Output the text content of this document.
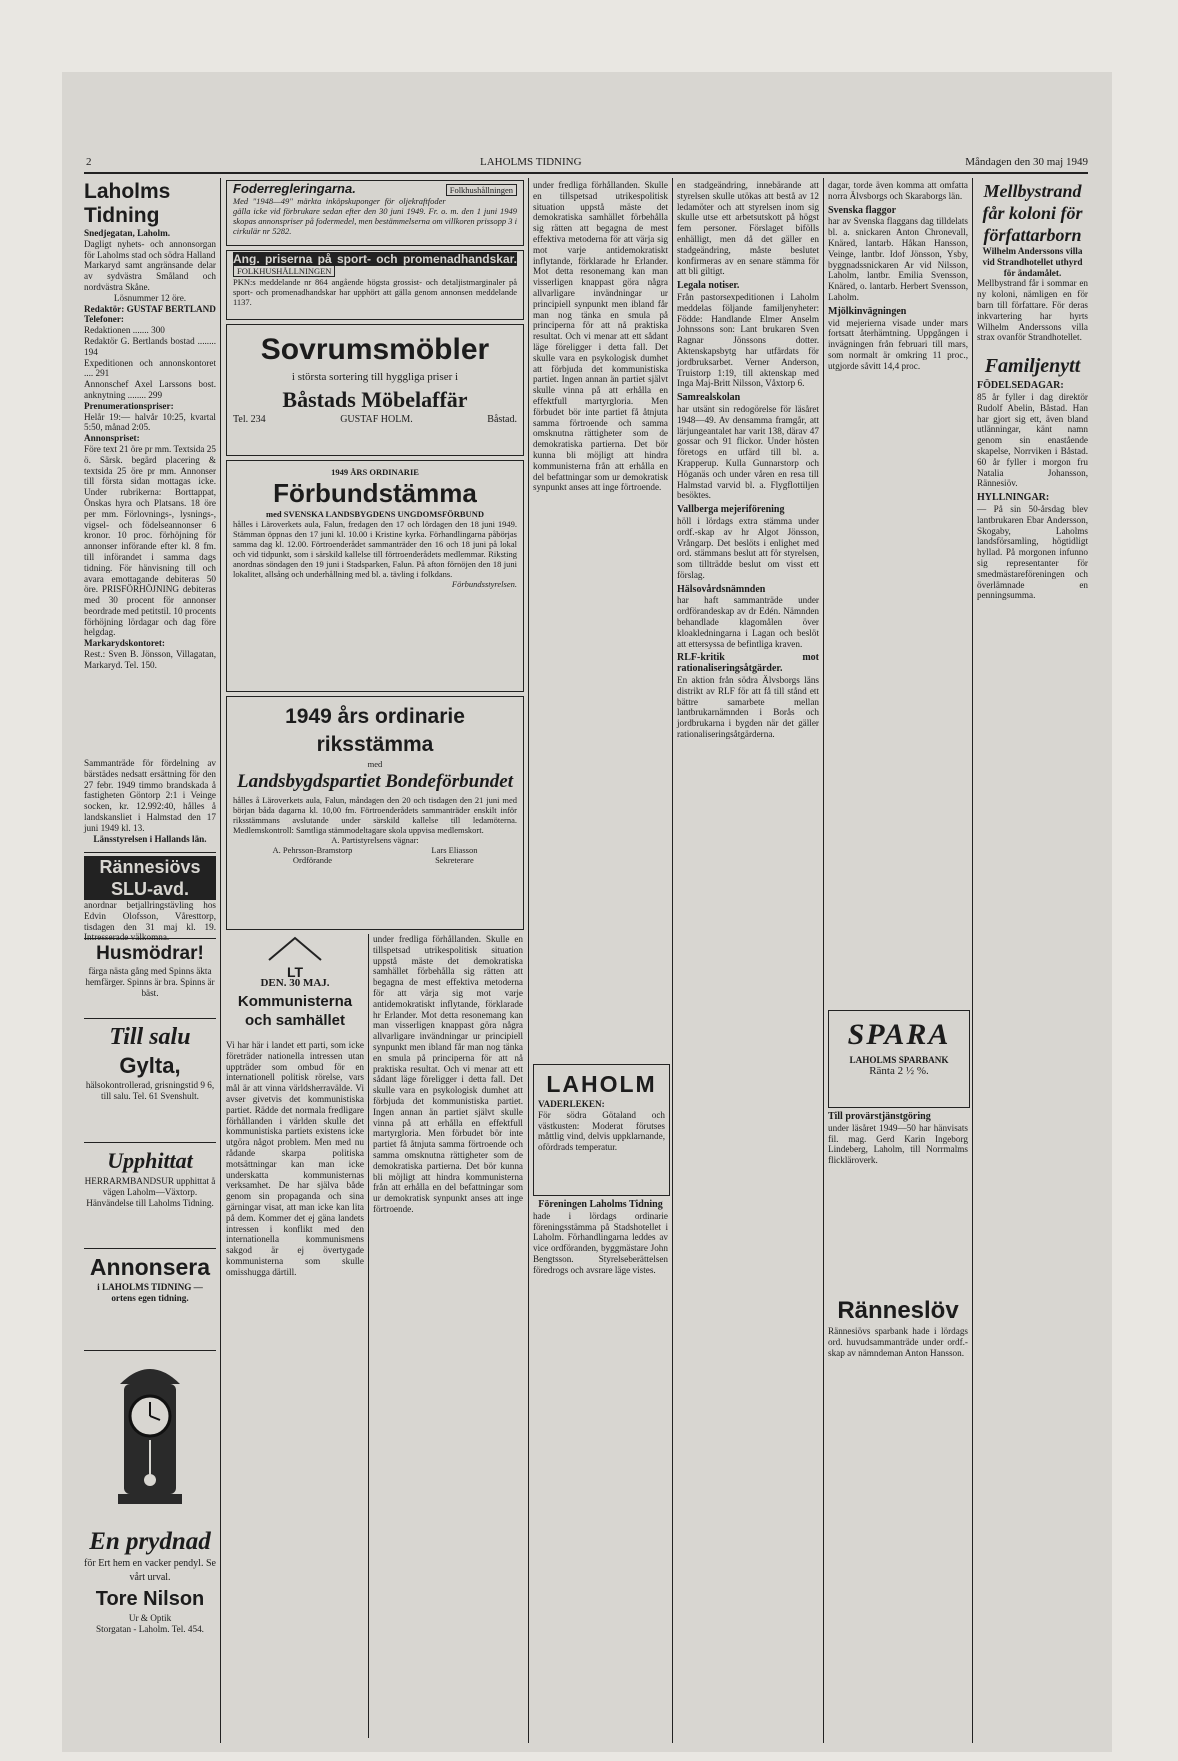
2	LAHOLMS TIDNING	Måndagen den 30 maj 1949
Laholms Tidning

Snedjegatan, Laholm.

Dagligt nyhets- och annonsorgan för Laholms stad och södra Halland

Markaryd samt angränsande delar av sydvästra Småland och nordvästra Skåne.

Lösnummer 12 öre.

Redaktör: GUSTAF BERTLAND

Telefoner:

Redaktionen ....... 300

Redaktör G. Bertlands bostad ........ 194

Expeditionen och annonskontoret .... 291

Annonschef Axel Larssons bost. anknytning ........ 299

Prenumerationspriser:

Helår 19:— halvår 10:25, kvartal 5:50, månad 2:05.

Annonspriset:

Före text 21 öre pr mm. Textsida 25 ö. Särsk. begärd placering & textsida 25 öre pr mm. Annonser till första sidan mottagas icke. Under rubrikerna: Borttappat, Önskas hyra och Platsans. 18 öre per mm. Förlovnings-, lysnings-, vigsel- och födelseannonser 6 kronor. 10 proc. förhöjning för annonser införande efter kl. 8 fm. till införandet i samma dags tidning. För hänvisning till och avara emottagande debiteras 50 öre. PRISFÖRHÖJNING debiteras med 30 procent för annonser beordrade med petitstil. 10 procents förhöjning lördagar och dag före helgdag.

Markarydskontoret:

Rest.: Sven B. Jönsson, Villagatan, Markaryd. Tel. 150.

Sammanträde för fördelning av bärstädes nedsatt ersättning för den 27 febr. 1949 timmo brandskada å fastigheten Göntorp 2:1 i Veinge socken, kr. 12.992:40, hålles å landskansliet i Halmstad den 17 juni 1949 kl. 13.

Länsstyrelsen i Hallands län.

Rännesiövs SLU-avd.

anordnar betjallringstävling hos Edvin Olofsson, Våresttorp, tisdagen den 31 maj kl. 19.

Husmödrar!

färga nästa gång med Spinns äkta hemfärger. Spinns är bra. Spinns är bäst.

Till salu
Gylta,

hälsokontrollerad, grisningstid 9 6, till salu. Tel. 61 Svenshult.

Upphittat

HERRARMBANDSUR upphittat å vägen Laholm—Växtorp. Hänvändelse till Laholms Tidning.

Annonsera

i LAHOLMS TIDNING — ortens egen tidning.

En prydnad

för Ert hem en vacker pendyl. Se vårt urval.

Tore Nilson

Ur & Optik

Storgatan - Laholm. Tel. 454.

Foderregleringarna.	Folkhushållningen

Med "1948—49" märkta inköpskuponger för oljekraftfoder gälla icke vid förbrukare sedan efter den 30 juni 1949. Fr. o. m. den 1 juni 1949 skopas annonspriser på fodermedel, men bestämmelserna om villkoren prissopp 3 i cirkulär nr 5282.

Ang. priserna på sport- och promenadhandskar. FOLKHUSHÅLLNINGEN

PKN:s meddelande nr 864 angående högsta grossist- och detaljistmarginaler på sport- och promenadhandskar har upphört att gälla genom annonsen meddelande 1137.

Sovrumsmöbler

i största sortering till hyggliga priser i

Båstads Möbelaffär

Tel. 234	GUSTAF HOLM.	Båstad.

1949 ÅRS ORDINARIE

Förbundstämma

med SVENSKA LANDSBYGDENS UNGDOMSFÖRBUND

hålles i Läroverkets aula, Falun, fredagen den 17 och lördagen den 18 juni 1949. Stämman öppnas den 17 juni kl. 10.00 i Kristine kyrka. Förhandlingarna påbörjas samma dag kl. 12.00. Förtroenderådet sammanträder den 16 och 18 juni på lokal och vid tidpunkt, som i särskild kallelse till förtroenderådets medlemmar. Riksting anordnas söndagen den 19 juni i Stadsparken, Falun. På afton förnöjen den 18 juni lokalitet, allsång och underhållning med bl. a. tävling i folkdans.

Förbundsstyrelsen.

1949 års ordinarie riksstämma

med

Landsbygdspartiet Bondeförbundet

hålles å Läroverkets aula, Falun, måndagen den 20 och tisdagen den 21 juni med början båda dagarna kl. 10,00 fm. Förtroenderådets sammanträder enskilt inför riksstämmans avslutande under särskild kallelse till ledamöterna. Medlemskontroll: Samtliga stämmodeltagare skola uppvisa medlemskort.

A. Partistyrelsens vägnar:

A. Pehrsson-Bramstorp

Ordförande

Lars Eliasson

Sekreterare

LT

DEN. 30 MAJ.

Kommunisterna och samhället

Vi har här i landet ett parti, som icke företräder nationella intressen utan uppträder som ombud för en internationell politisk rörelse, vars mål är att vinna världsherravälde. Vi avser givetvis det kommunistiska partiet. Rädde det normala fredligare förhållanden i världen skulle det kommunistiska partiets existens icke utgöra något problem. Men med nu rådande skarpa politiska motsättningar kan man icke underskatta kommunisternas verksamhet. De har själva både genom sin propaganda och sina gärningar visat, att man icke kan lita på dem. Kommer det ej gäna landets intressen i konflikt med den internationella kommunismens sakgod är ej övertygade kommunisterna som skulle omisshugga därtill.

under fredliga förhållanden. Skulle en tillspetsad utrikespolitisk situation uppstå mäste det demokratiska samhället förbehålla sig rätten att begagna de mest effektiva metoderna för att värja sig mot varje antidemokratiskt inflytande, förklarade hr Erlander. Mot detta resonemang kan man visserligen knappast göra några allvarligare invändningar ur principiell synpunkt men ibland får man nog tänka en smula på principerna för att nå praktiska resultat. Och vi menar att ett sådant läge föreligger i detta fall. Det skulle vara en psykologisk dumhet att förbjuda det kommunistiska partiet. Ingen annan än partiet självt skulle vinna på att erhålla en effektfull martyrgloria. Men förbudet bör inte partiet få åtnjuta samma förtroende och samma omsknutna rättigheter som de demokratiska partierna. Det bör kunna bli möjligt att hindra kommunisterna från att erhålla en del befattningar som ur demokratisk synpunkt anses att inge förtroende.

under fredliga förhållanden. Skulle en tillspetsad utrikespolitisk situation uppstå mäste det demokratiska samhället förbehålla sig rätten att begagna de mest effektiva metoderna för att värja sig mot varje antidemokratiskt inflytande, förklarade hr Erlander. Mot detta resonemang kan man visserligen knappast göra några allvarligare invändningar ur principiell synpunkt men ibland får man nog tänka en smula på principerna för att nå praktiska resultat. Och vi menar att ett sådant läge föreligger i detta fall. Det skulle vara en psykologisk dumhet att förbjuda det kommunistiska partiet. Ingen annan än partiet självt skulle vinna på att erhålla en effektfull martyrgloria. Men förbudet bör inte partiet få åtnjuta samma förtroende och samma omsknutna rättigheter som de demokratiska partierna. Det bör kunna bli möjligt att hindra kommunisterna från att erhålla en del befattningar som ur demokratisk synpunkt anses att inge förtroende.

LAHOLM

VADERLEKEN:

För södra Götaland och västkusten: Moderat förutses måttlig vind, delvis uppklarnande, ofördrads temperatur.

Föreningen Laholms Tidning

hade i lördags ordinarie föreningsstämma på Stadshotellet i Laholm. Förhandlingarna leddes av vice ordföranden, byggmästare John Bengtsson. Styrelseberättelsen föredrogs och avsrare läge vistes.

en stadgeändring, innebärande att styrelsen skulle utökas att bestå av 12 ledamöter och att styrelsen inom sig skulle utse ett arbetsutskott på högst fem personer. Förslaget bifölls enhälligt, men då det gäller en stadgeändring, måste beslutet konfirmeras av en senare stämma för att bli giltigt.

Legala notiser.

Från pastorsexpeditionen i Laholm meddelas följande familjenyheter: Födde: Handlande Elmer Anselm Johnssons son: Lant brukaren Sven Ragnar Jönssons dotter. Aktenskapsbytg har utfärdats för jordbruksarbet. Verner Anderson, Truistorp 1:19, till aktenskap med Inga Maj-Britt Nilsson, Våxtorp 6.

Samrealskolan

har utsänt sin redogörelse för läsåret 1948—49. Av densamma framgår, att lärjungeantalet har varit 138, därav 47 gossar och 91 flickor. Under hösten företogs en utfärd till bl. a. Krapperup. Kulla Gunnarstorp och Höganäs och under våren en resa till Halmstad varvid bl. a. Flygflottiljen besöktes.

Vallberga mejeriförening

höll i lördags extra stämma under ordf.-skap av hr Algot Jönsson, Vrångarp. Det beslöts i enlighet med ord. stämmans beslut att för styrelsen, som tillträdde beslut om visst ett förslag.

Hälsovårdsnämnden

har haft sammanträde under ordförandeskap av dr Edén. Nämnden behandlade klagomålen över kloakledningarna i Lagan och beslöt att ettersyssa de befintliga kraven.

RLF-kritik mot rationaliseringsåtgärder.

En aktion från södra Älvsborgs läns distrikt av RLF för att få till stånd ett bättre samarbete mellan lantbrukarnämnden i Borås och jordbrukarna i bygden när det gäller rationaliseringsåtgärderna.

dagar, torde även komma att omfatta norra Älvsborgs och Skaraborgs län.

Svenska flaggor

har av Svenska flaggans dag tilldelats bl. a. snickaren Anton Chronevall, Knäred, lantarb. Håkan Hansson, Veinge, lantbr. Idof Jönsson, Ysby, byggnadssnickaren Ar vid Nilsson, Laholm, lantbr. Emilia Svensson, Knäred, o. lantarb. Herbert Svensson, Laholm.

Mjölkinvägningen

vid mejerierna visade under mars fortsatt återhämtning. Uppgången i invägningen från februari till mars, som normalt är omkring 11 proc., utgjorde såvitt 14,4 proc.

SPARA

LAHOLMS SPARBANK

Ränta 2 ½ %.

Till provärstjänstgöring

under läsåret 1949—50 har hänvisats fil. mag. Gerd Karin Ingeborg Lindeberg, Laholm, till Norrmalms flickläroverk.

Ränneslöv

Rännesiövs sparbank hade i lördags ord. huvudsammanträde under ordf.-skap av nämndeman Anton Hansson.

Mellbystrand får koloni för författarborn

Wilhelm Anderssons villa vid Strandhotellet uthyrd för ändamålet.

Mellbystrand får i sommar en ny koloni, nämligen en för barn till författare. För deras inkvartering har hyrts Wilhelm Anderssons villa strax ovanför Strandhotellet.

Familjenytt
FÖDELSEDAGAR:

85 år fyller i dag direktör Rudolf Abelin, Båstad. Han har gjort sig ett, även bland utlänningar, känt namn genom sin enastående skapelse, Norrviken i Båstad. 60 år fyller i morgon fru Natalia Johansson, Rännesiöv.

HYLLNINGAR:

— På sin 50-årsdag blev lantbrukaren Ebar Andersson, Skogaby, Laholms landsförsamling, högtidligt hyllad. På morgonen infunno sig representanter för smedmästareföreningen och överlämnade en penningsumma.
